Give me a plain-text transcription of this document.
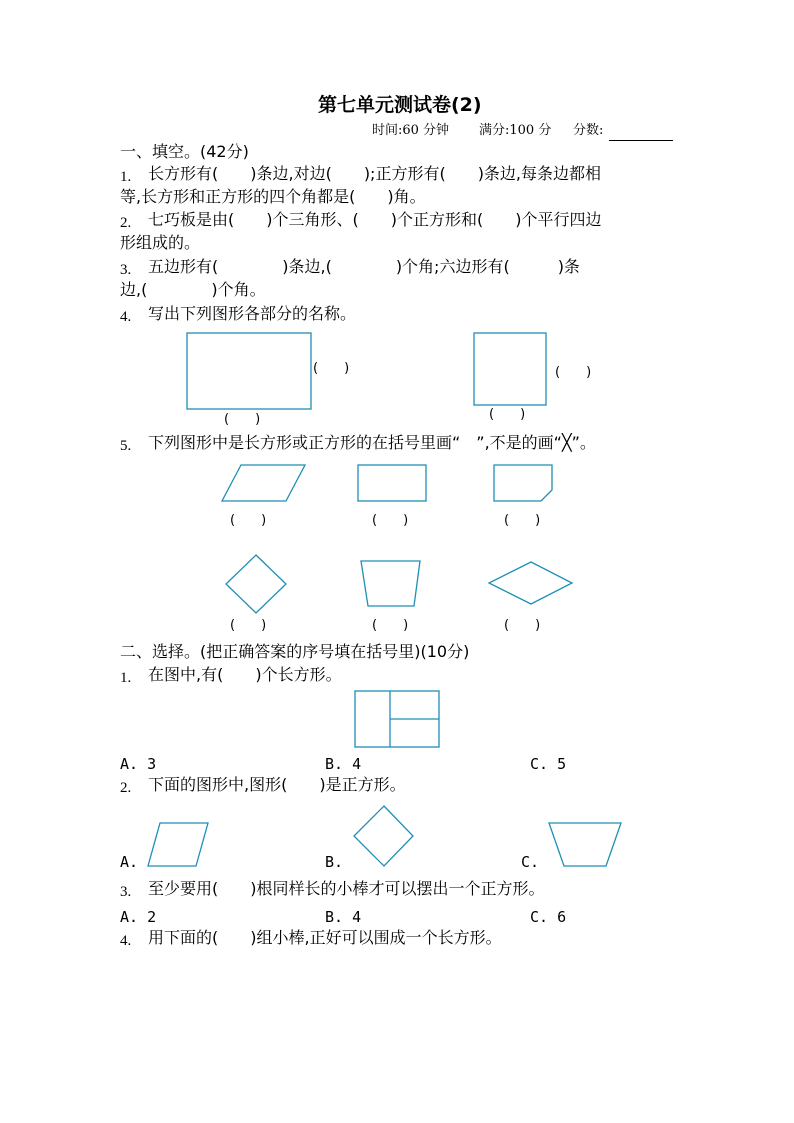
第七单元测试卷(2)
时间:60 分钟 满分:100 分 分数:
一、填空。(42分)
1. 长方形有(　　)条边,对边(　　);正方形有(　　)条边,每条边都相
等,长方形和正方形的四个角都是(　　)角。
2. 七巧板是由(　　)个三角形、(　　)个正方形和(　　)个平行四边
形组成的。
3. 五边形有(　　　　)条边,(　　　　)个角;六边形有(　　　)条
边,(　　　　)个角。
4. 写出下列图形各部分的名称。
(　　)
(　　)
(　　)
(　　)
5. 下列图形中是长方形或正方形的在括号里画“　”,不是的画“╳”。
(　　)	(　　)	(　　)
(　　)	(　　)	(　　)
二、选择。(把正确答案的序号填在括号里)(10分)
1. 在图中,有(　　)个长方形。
A. 3	B. 4	C. 5
2. 下面的图形中,图形(　　)是正方形。
A.	B.	C.
3. 至少要用(　　)根同样长的小棒才可以摆出一个正方形。
A. 2	B. 4	C. 6
4. 用下面的(　　)组小棒,正好可以围成一个长方形。
